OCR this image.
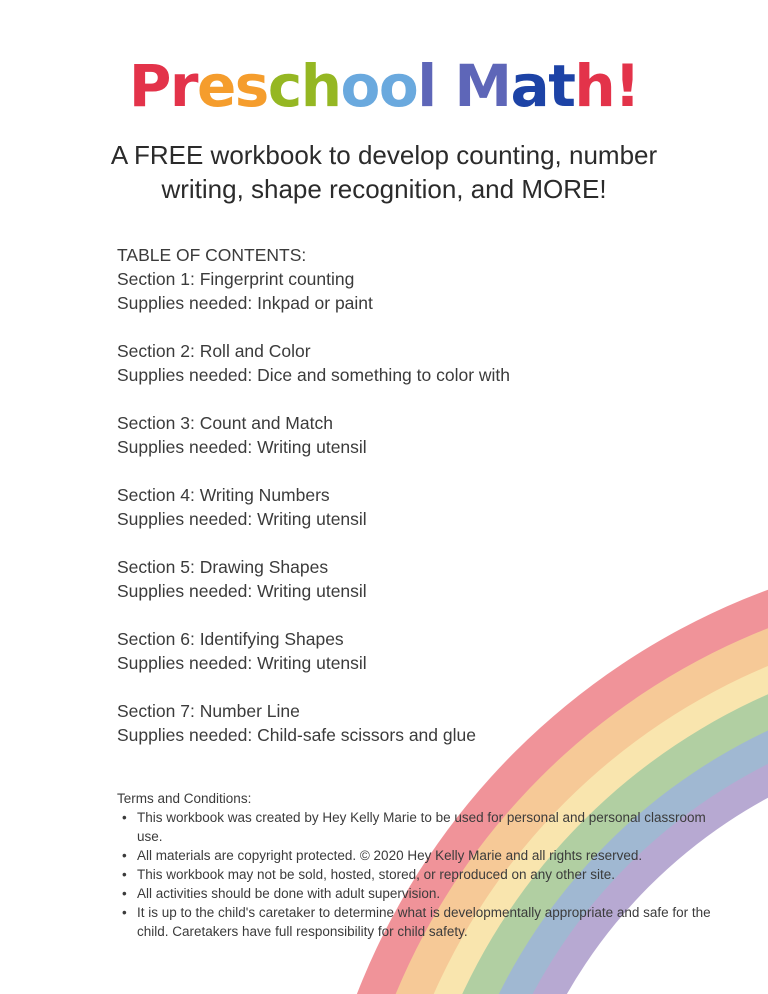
Preschool Math!

A FREE workbook to develop counting, number writing, shape recognition, and MORE!

TABLE OF CONTENTS:

Section 1: Fingerprint counting

Supplies needed: Inkpad or paint

Section 2: Roll and Color

Supplies needed: Dice and something to color with

Section 3: Count and Match

Supplies needed: Writing utensil

Section 4: Writing Numbers

Supplies needed: Writing utensil

Section 5: Drawing Shapes

Supplies needed: Writing utensil

Section 6: Identifying Shapes

Supplies needed: Writing utensil

Section 7: Number Line

Supplies needed: Child-safe scissors and glue

Terms and Conditions:

• This workbook was created by Hey Kelly Marie to be used for personal and personal classroom use.
• All materials are copyright protected. © 2020 Hey Kelly Marie and all rights reserved.
• This workbook may not be sold, hosted, stored, or reproduced on any other site.
• All activities should be done with adult supervision.
• It is up to the child's caretaker to determine what is developmentally appropriate and safe for the child. Caretakers have full responsibility for child safety.
